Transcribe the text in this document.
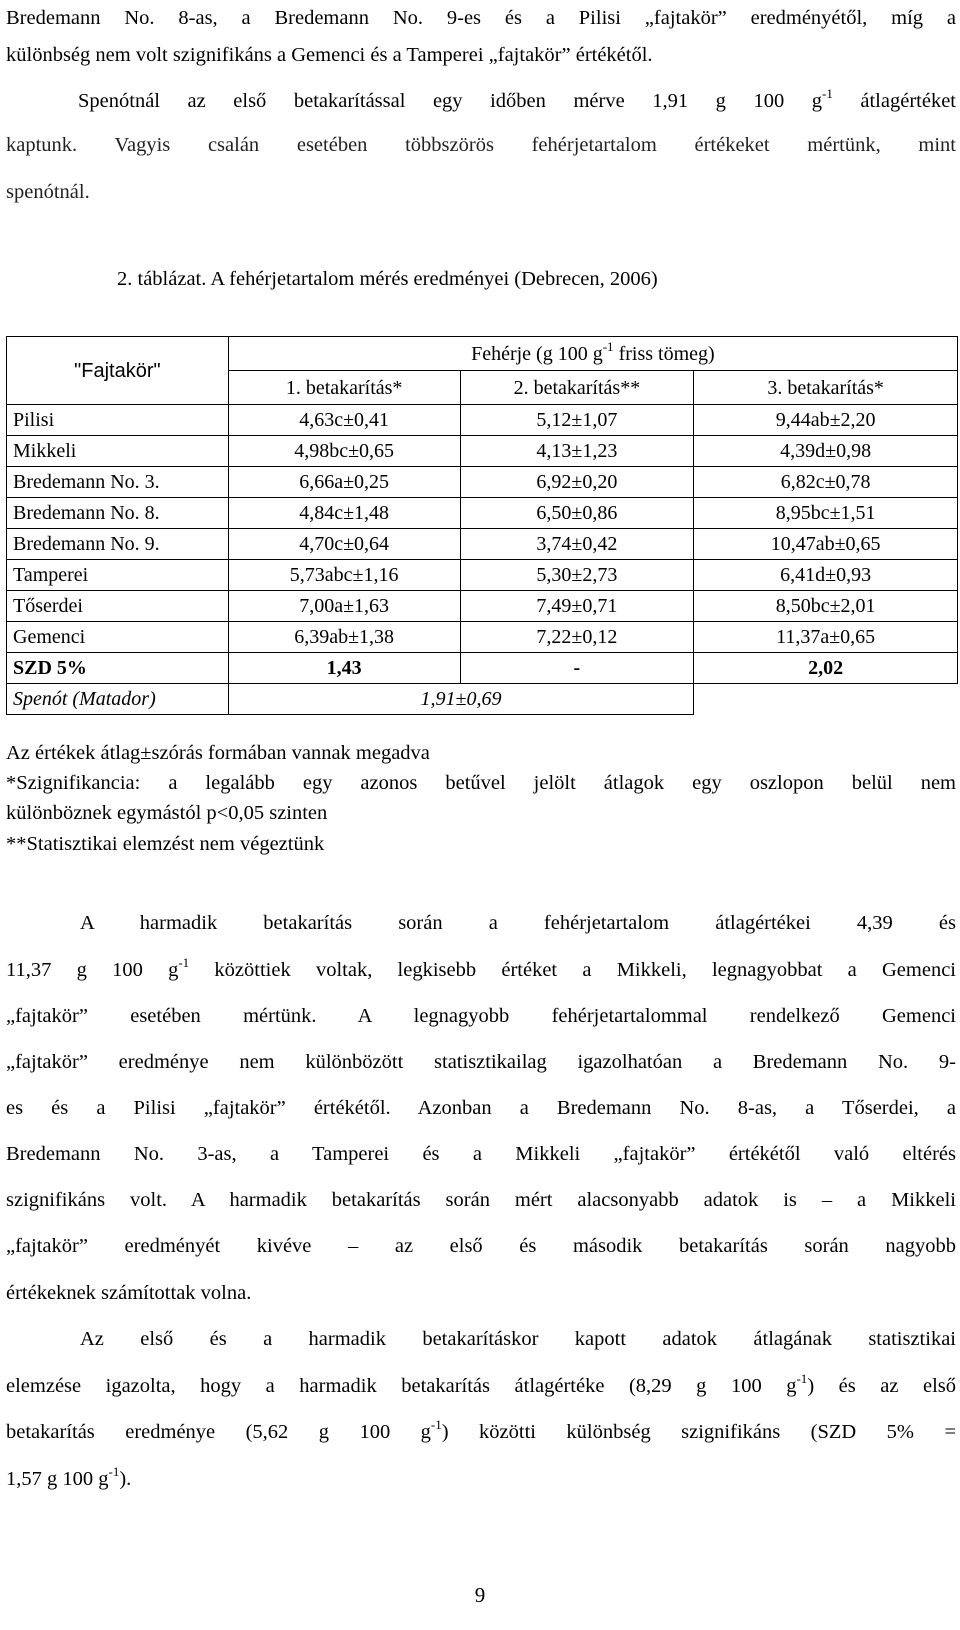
Bredemann No. 8-as, a Bredemann No. 9-es és a Pilisi „fajtakör” eredményétől, míg a
különbség nem volt szignifikáns a Gemenci és a Tamperei „fajtakör” értékétől.
Spenótnál az első betakarítással egy időben mérve 1,91 g 100 $g^{-1}$ átlagértéket
kaptunk. Vagyis csalán esetében többszörös fehérjetartalom értékeket mértünk, mint
spenótnál.
2. táblázat. A fehérjetartalom mérés eredményei (Debrecen, 2006)
"Fajtakör"	Fehérje (g 100 $g^{-1}$ friss tömeg)		
	1. betakarítás*	2. betakarítás**	3. betakarítás*
Pilisi	4,63c±0,41	5,12±1,07	9,44ab±2,20
Mikkeli	4,98bc±0,65	4,13±1,23	4,39d±0,98
Bredemann No. 3.	6,66a±0,25	6,92±0,20	6,82c±0,78
Bredemann No. 8.	4,84c±1,48	6,50±0,86	8,95bc±1,51
Bredemann No. 9.	4,70c±0,64	3,74±0,42	10,47ab±0,65
Tamperei	5,73abc±1,16	5,30±2,73	6,41d±0,93
Tőserdei	7,00a±1,63	7,49±0,71	8,50bc±2,01
Gemenci	6,39ab±1,38	7,22±0,12	11,37a±0,65
SZD 5%	1,43	-	2,02
Spenót (Matador)	1,91±0,69		
Az értékek átlag±szórás formában vannak megadva
*Szignifikancia: a legalább egy azonos betűvel jelölt átlagok egy oszlopon belül nem
különböznek egymástól p<0,05 szinten
**Statisztikai elemzést nem végeztünk
A harmadik betakarítás során a fehérjetartalom átlagértékei 4,39 és
11,37 g 100 $g^{-1}$ közöttiek voltak, legkisebb értéket a Mikkeli, legnagyobbat a Gemenci
„fajtakör” esetében mértünk. A legnagyobb fehérjetartalommal rendelkező Gemenci
„fajtakör” eredménye nem különbözött statisztikailag igazolhatóan a Bredemann No. 9-
es és a Pilisi „fajtakör” értékétől. Azonban a Bredemann No. 8-as, a Tőserdei, a
Bredemann No. 3-as, a Tamperei és a Mikkeli „fajtakör” értékétől való eltérés
szignifikáns volt. A harmadik betakarítás során mért alacsonyabb adatok is – a Mikkeli
„fajtakör” eredményét kivéve – az első és második betakarítás során nagyobb
értékeknek számítottak volna.
Az első és a harmadik betakarításkor kapott adatok átlagának statisztikai
elemzése igazolta, hogy a harmadik betakarítás átlagértéke (8,29 g 100 $g^{-1}$) és az első
betakarítás eredménye (5,62 g 100 $g^{-1}$) közötti különbség szignifikáns (SZD 5% =
1,57 g 100 $g^{-1}$).
9
